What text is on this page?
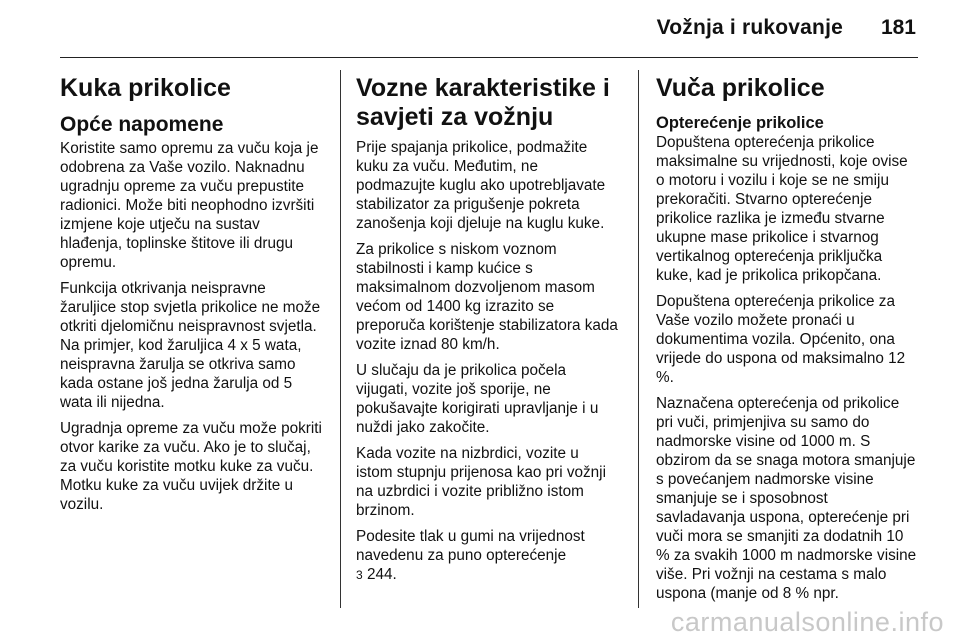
Vožnja i rukovanje 181
Kuka prikolice
Opće napomene

Koristite samo opremu za vuču koja je odobrena za Vaše vozilo. Naknadnu ugradnju opreme za vuču prepustite radionici. Može biti neophodno izvršiti izmjene koje utječu na sustav hlađenja, toplinske štitove ili drugu opremu.

Funkcija otkrivanja neispravne žaruljice stop svjetla prikolice ne može otkriti djelomičnu neispravnost svjetla. Na primjer, kod žaruljica 4 x 5 wata, neispravna žarulja se otkriva samo kada ostane još jedna žarulja od 5 wata ili nijedna.

Ugradnja opreme za vuču može pokriti otvor karike za vuču. Ako je to slučaj, za vuču koristite motku kuke za vuču. Motku kuke za vuču uvijek držite u vozilu.

Vozne karakteristike i savjeti za vožnju

Prije spajanja prikolice, podmažite kuku za vuču. Međutim, ne podmazujte kuglu ako upotrebljavate stabilizator za prigušenje pokreta zanošenja koji djeluje na kuglu kuke.

Za prikolice s niskom voznom stabilnosti i kamp kućice s maksimalnom dozvoljenom masom većom od 1400 kg izrazito se preporuča korištenje stabilizatora kada vozite iznad 80 km/h.

U slučaju da je prikolica počela vijugati, vozite još sporije, ne pokušavajte korigirati upravljanje i u nuždi jako zakočite.

Kada vozite na nizbrdici, vozite u istom stupnju prijenosa kao pri vožnji na uzbrdici i vozite približno istom brzinom.

Podesite tlak u gumi na vrijednost navedenu za puno opterećenje
3 244.

Vuča prikolice
Opterećenje prikolice

Dopuštena opterećenja prikolice maksimalne su vrijednosti, koje ovise o motoru i vozilu i koje se ne smiju prekoračiti. Stvarno opterećenje prikolice razlika je između stvarne ukupne mase prikolice i stvarnog vertikalnog opterećenja priključka kuke, kad je prikolica prikopčana.

Dopuštena opterećenja prikolice za Vaše vozilo možete pronaći u dokumentima vozila. Općenito, ona vrijede do uspona od maksimalno 12 %.

Naznačena opterećenja od prikolice pri vuči, primjenjiva su samo do nadmorske visine od 1000 m. S obzirom da se snaga motora smanjuje s povećanjem nadmorske visine smanjuje se i sposobnost savladavanja uspona, opterećenje pri vuči mora se smanjiti za dodatnih 10 % za svakih 1000 m nadmorske visine više. Pri vožnji na cestama s malo uspona (manje od 8 % npr.

carmanualsonline.info
